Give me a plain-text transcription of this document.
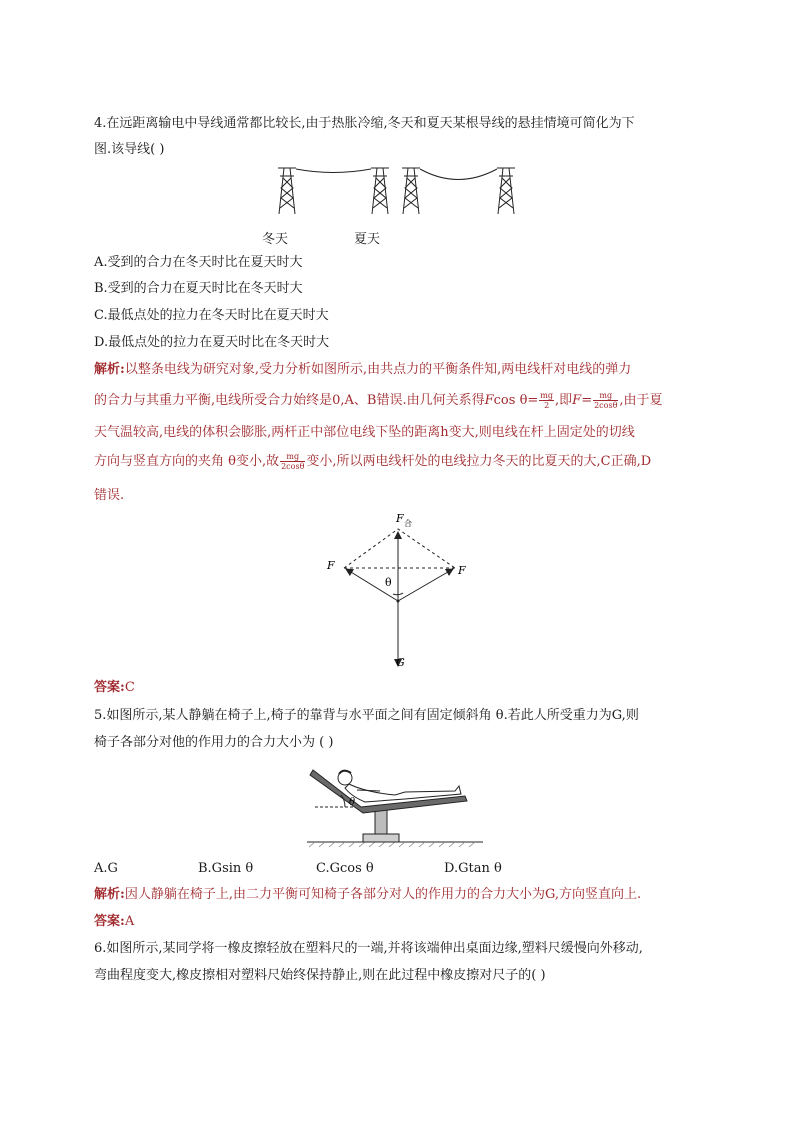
4.在远距离输电中导线通常都比较长,由于热胀冷缩,冬天和夏天某根导线的悬挂情境可简化为下
图.该导线( )
冬天	夏天
A.受到的合力在冬天时比在夏天时大
B.受到的合力在夏天时比在冬天时大
C.最低点处的拉力在冬天时比在夏天时大
D.最低点处的拉力在夏天时比在冬天时大
解析:以整条电线为研究对象,受力分析如图所示,由共点力的平衡条件知,两电线杆对电线的弹力
的合力与其重力平衡,电线所受合力始终是0,A、B错误.由几何关系得Fcos $\theta= \frac{mg}{2}$ ,即$F= \frac{mg}{2\cos\theta}$ ,由于夏
天气温较高,电线的体积会膨胀,两杆正中部位电线下坠的距离h变大,则电线在杆上固定处的切线
方向与竖直方向的夹角 θ变小,故 $\frac{mg}{2\cos\theta}$ 变小,所以两电线杆处的电线拉力冬天的比夏天的大,C正确,D
错误.
F 合
F	F
θ
G
答案:C
5.如图所示,某人静躺在椅子上,椅子的靠背与水平面之间有固定倾斜角 θ.若此人所受重力为G,则
椅子各部分对他的作用力的合力大小为 ( )
θ
A.G	B.Gsin θ	C.Gcos θ	D.Gtan θ
解析:因人静躺在椅子上,由二力平衡可知椅子各部分对人的作用力的合力大小为G,方向竖直向上.
答案:A
6.如图所示,某同学将一橡皮擦轻放在塑料尺的一端,并将该端伸出桌面边缘,塑料尺缓慢向外移动,
弯曲程度变大,橡皮擦相对塑料尺始终保持静止,则在此过程中橡皮擦对尺子的( )
